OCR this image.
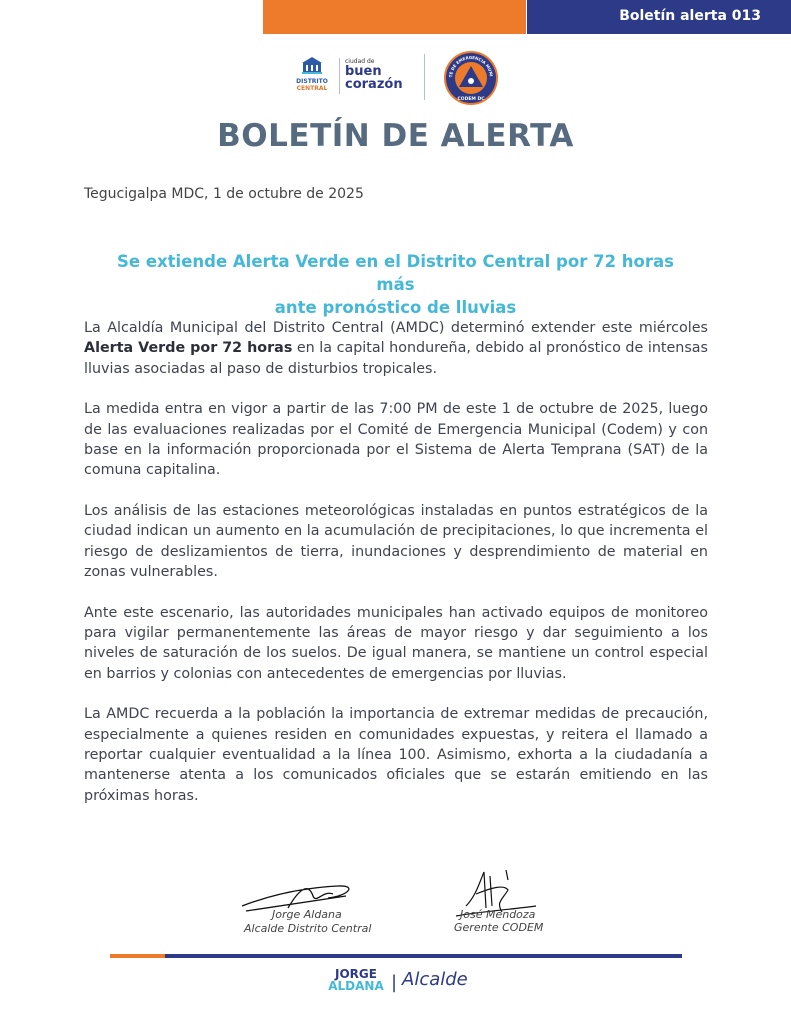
Boletín alerta 013
DISTRITO
CENTRAL
ciudad de
buen
corazón
TÉ DE EMERGENCIA MUNI
CODEM DC
BOLETÍN DE ALERTA
Tegucigalpa MDC, 1 de octubre de 2025
Se extiende Alerta Verde en el Distrito Central por 72 horas más
ante pronóstico de lluvias

La Alcaldía Municipal del Distrito Central (AMDC) determinó extender este miércoles Alerta Verde por 72 horas en la capital hondureña, debido al pronóstico de intensas lluvias asociadas al paso de disturbios tropicales.

La medida entra en vigor a partir de las 7:00 PM de este 1 de octubre de 2025, luego de las evaluaciones realizadas por el Comité de Emergencia Municipal (Codem) y con base en la información proporcionada por el Sistema de Alerta Temprana (SAT) de la comuna capitalina.

Los análisis de las estaciones meteorológicas instaladas en puntos estratégicos de la ciudad indican un aumento en la acumulación de precipitaciones, lo que incrementa el riesgo de deslizamientos de tierra, inundaciones y desprendimiento de material en zonas vulnerables.

Ante este escenario, las autoridades municipales han activado equipos de monitoreo para vigilar permanentemente las áreas de mayor riesgo y dar seguimiento a los niveles de saturación de los suelos. De igual manera, se mantiene un control especial en barrios y colonias con antecedentes de emergencias por lluvias.

La AMDC recuerda a la población la importancia de extremar medidas de precaución, especialmente a quienes residen en comunidades expuestas, y reitera el llamado a reportar cualquier eventualidad a la línea 100. Asimismo, exhorta a la ciudadanía a mantenerse atenta a los comunicados oficiales que se estarán emitiendo en las próximas horas.

Jorge Aldana
Alcalde Distrito Central
José Mendoza
Gerente CODEM
JORGE
ALDANA | Alcalde
